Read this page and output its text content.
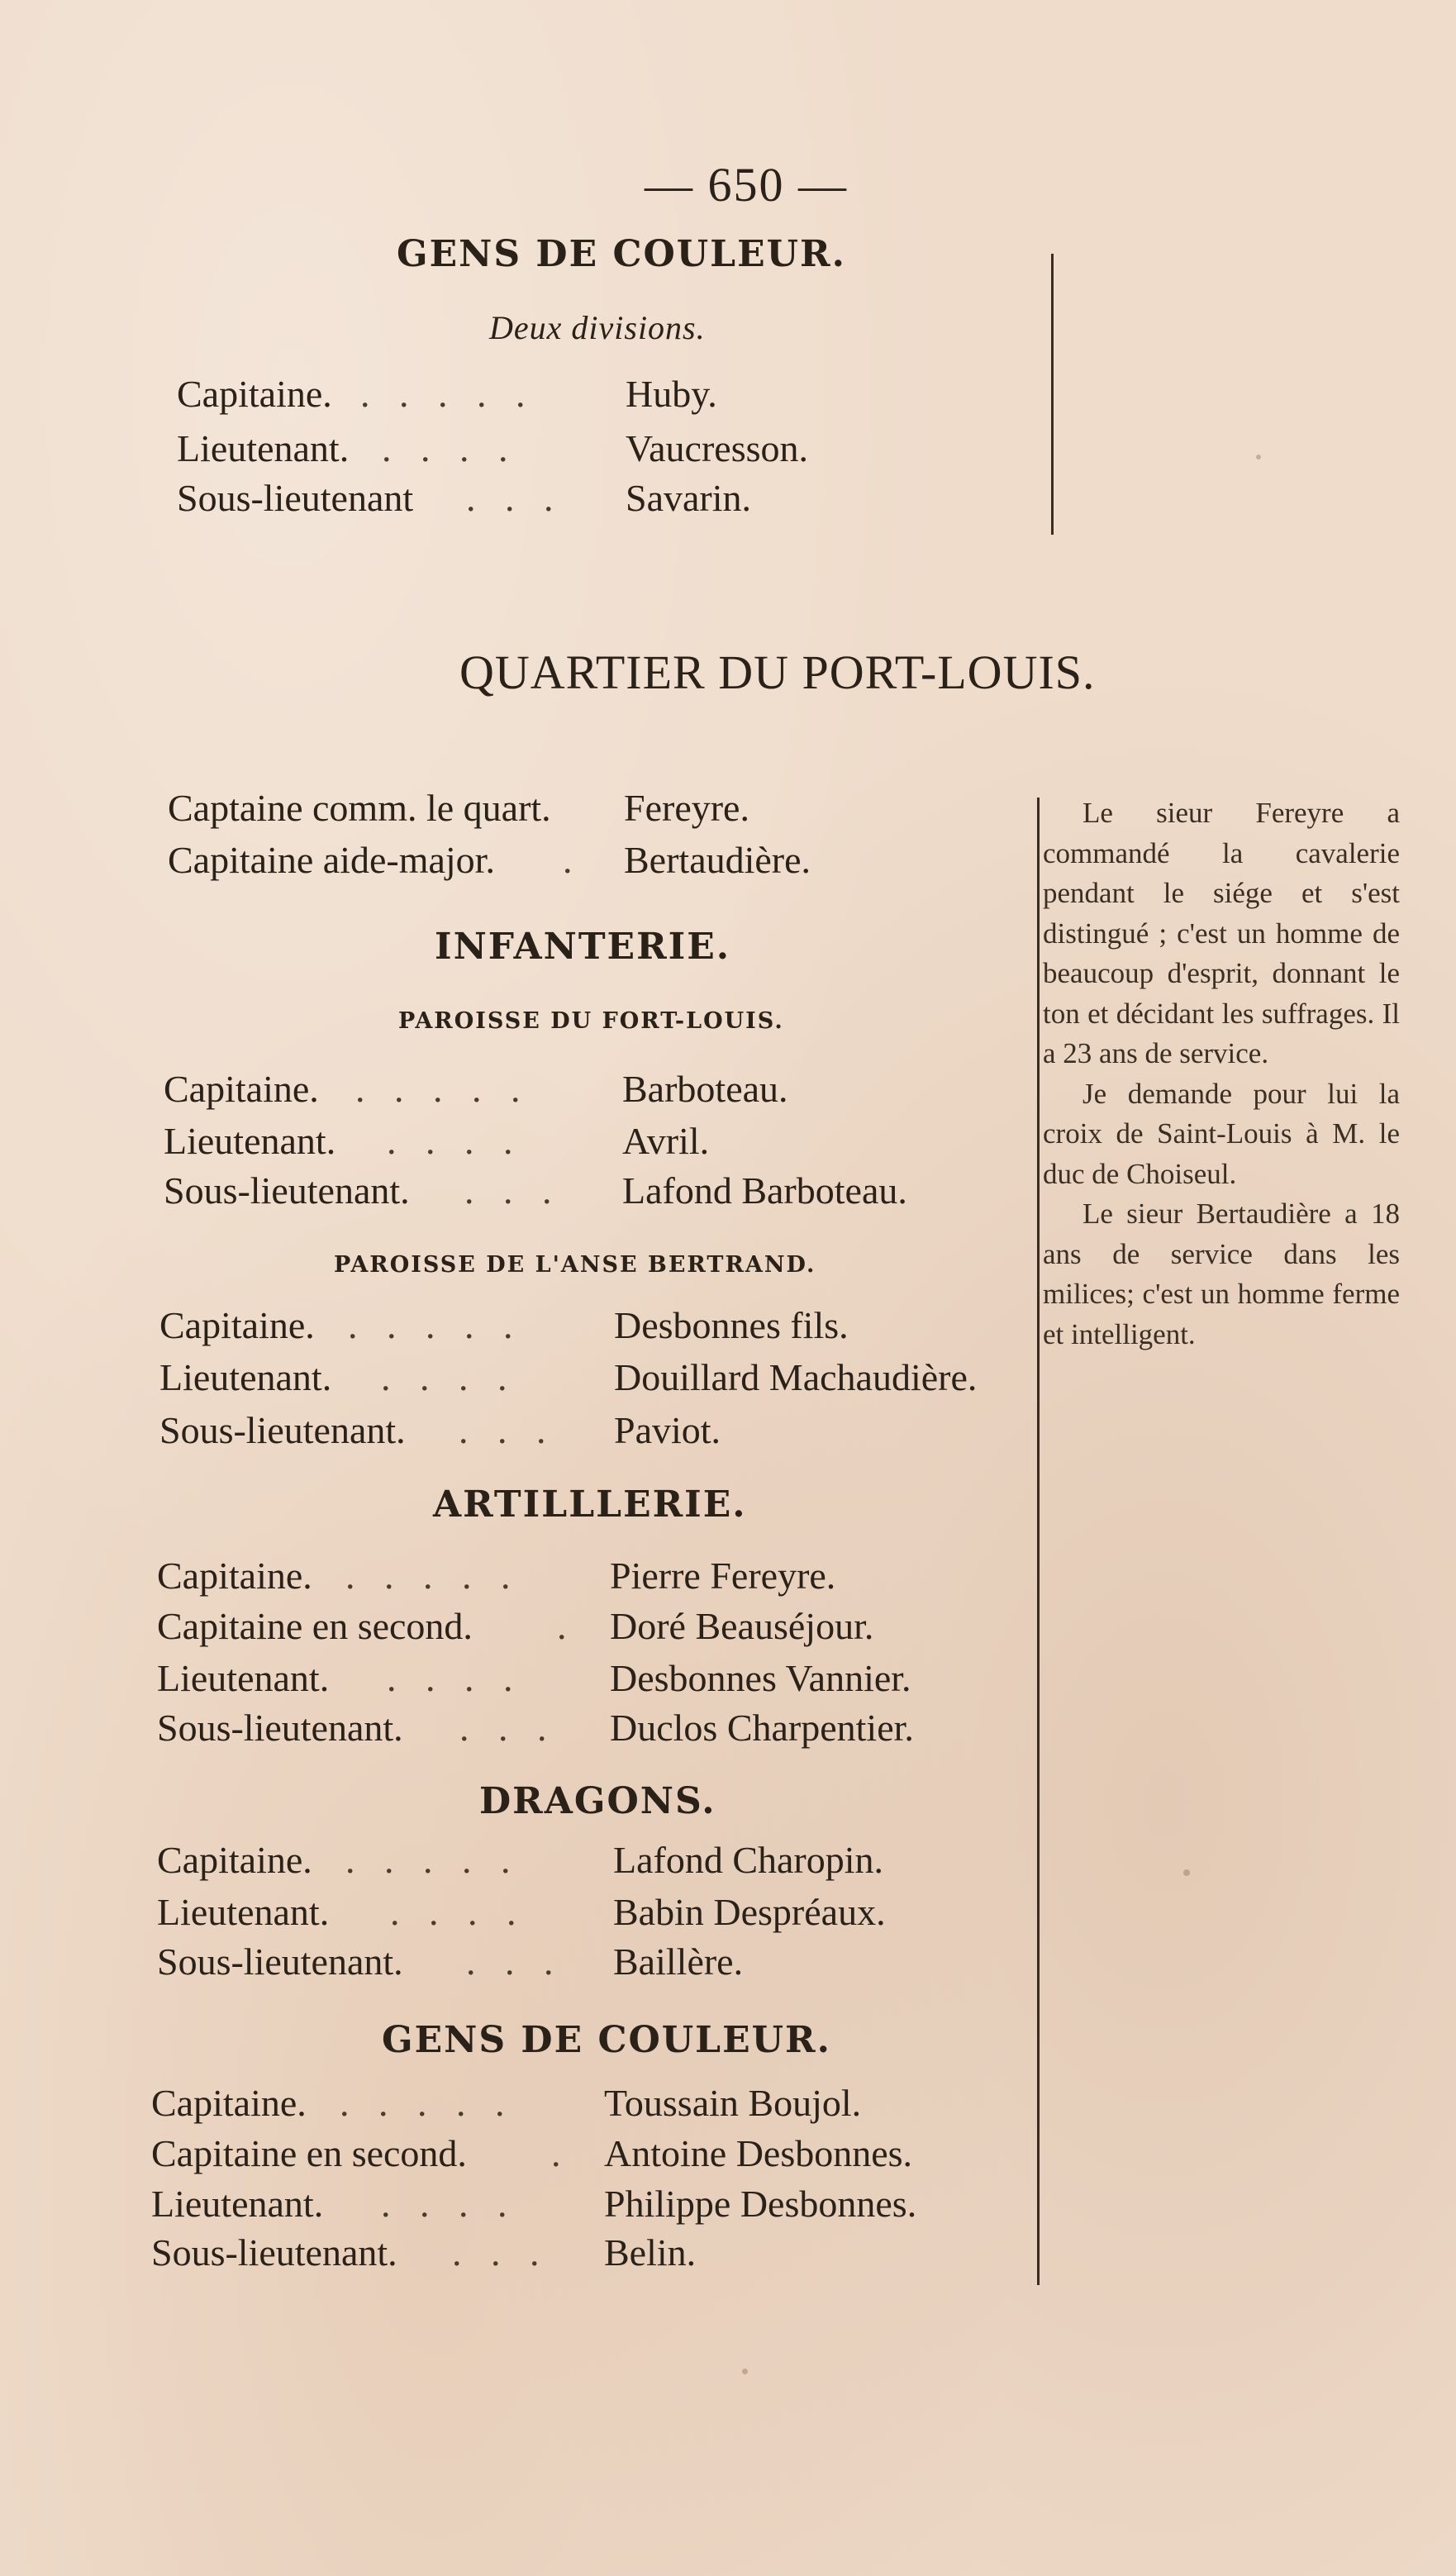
— 650 —
GENS DE COULEUR.
Deux divisions.
Capitaine. . . . . . Huby.
Lieutenant. . . . .	Vaucresson.
Sous-lieutenant . . . Savarin.
QUARTIER DU PORT-LOUIS.
Captaine comm. le quart. Fereyre.
Capitaine aide-major. . Bertaudière.
INFANTERIE.
PAROISSE DU FORT-LOUIS.
Capitaine. . . . . . Barboteau.
Lieutenant. . . . .	Avril.
Sous-lieutenant. . . . Lafond Barboteau.
PAROISSE DE L'ANSE BERTRAND.
Capitaine. . . . . . Desbonnes fils.
Lieutenant. . . . .	Douillard Machaudière.
Sous-lieutenant. . . . Paviot.
ARTILLLERIE.
Capitaine. . . . . . Pierre Fereyre.
Capitaine en second. . Doré Beauséjour.
Lieutenant. . . . . Desbonnes Vannier.
Sous-lieutenant. . . . Duclos Charpentier.
DRAGONS.
Capitaine. . . . . . Lafond Charopin.
Lieutenant. . . . . Babin Despréaux.
Sous-lieutenant. . . . Baillère.
GENS DE COULEUR.
Capitaine. . . . . . Toussain Boujol.
Capitaine en second. . Antoine Desbonnes.
Lieutenant. . . . . Philippe Desbonnes.
Sous-lieutenant. . . . Belin.

Le sieur Fereyre a commandé la cavalerie pendant le siége et s'est distingué ; c'est un homme de beaucoup d'esprit, donnant le ton et décidant les suffrages. Il a 23 ans de service.

Je demande pour lui la croix de Saint-Louis à M. le duc de Choiseul.

Le sieur Bertaudière a 18 ans de service dans les milices; c'est un homme ferme et intelligent.
